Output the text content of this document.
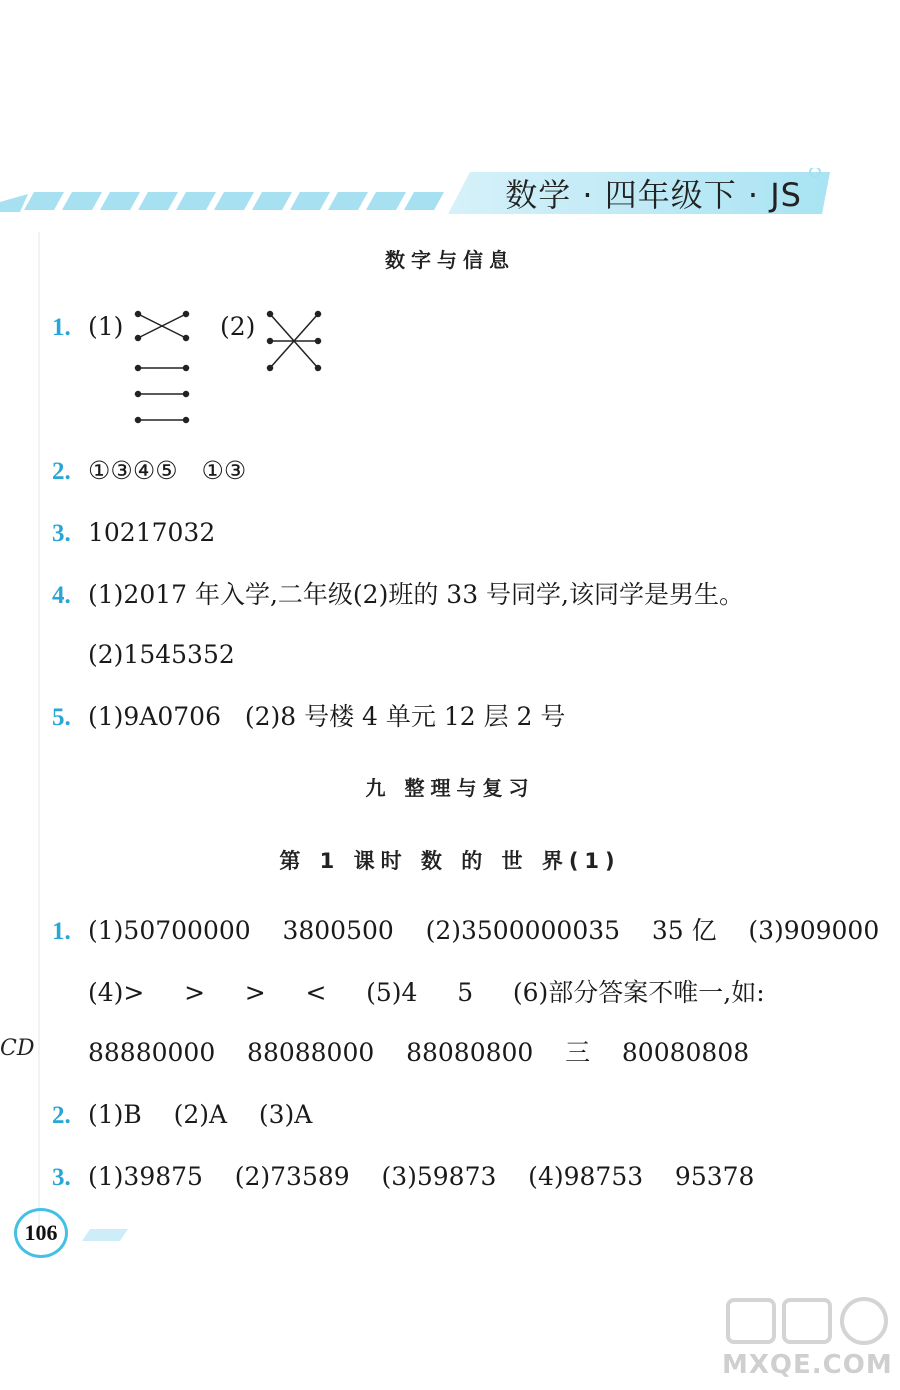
数学 · 四年级下 · JS
数字与信息
1. (1)	(2)
2. ①③④⑤   ①③
3. 10217032
4. (1)2017 年入学,二年级(2)班的 33 号同学,该同学是男生。
(2)1545352
5. (1)9A0706   (2)8 号楼 4 单元 12 层 2 号
九 整理与复习
第 1 课时 数 的 世 界(1)
1. (1)50700000    3800500    (2)3500000035    35 亿    (3)909000
(4)>     >     >     <     (5)4     5     (6)部分答案不唯一,如:
88880000    88088000    88080800    三    80080808
2. (1)B    (2)A    (3)A
3. (1)39875    (2)73589    (3)59873    (4)98753    95378
CD
106
MXQE.COM
